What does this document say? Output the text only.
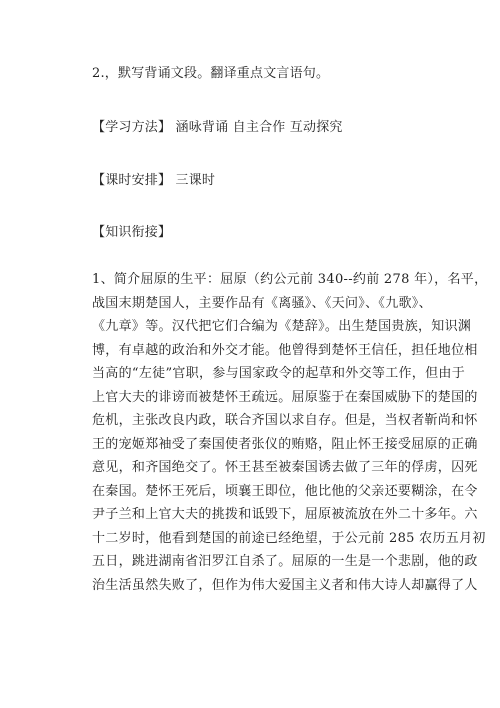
2.，默写背诵文段。翻译重点文言语句。
【学习方法】 涵咏背诵 自主合作 互动探究
【课时安排】 三课时
【知识衔接】
1、简介屈原的生平：屈原（约公元前 340--约前 278 年），名平，
战国末期楚国人，主要作品有《离骚》、《天问》、《九歌》、
《九章》等。汉代把它们合编为《楚辞》。出生楚国贵族，知识渊
博，有卓越的政治和外交才能。他曾得到楚怀王信任，担任地位相
当高的“左徒”官职，参与国家政令的起草和外交等工作，但由于
上官大夫的诽谤而被楚怀王疏远。屈原鉴于在秦国威胁下的楚国的
危机，主张改良内政，联合齐国以求自存。但是，当权者靳尚和怀
王的宠姬郑袖受了秦国使者张仪的贿赂，阻止怀王接受屈原的正确
意见，和齐国绝交了。怀王甚至被秦国诱去做了三年的俘虏，囚死
在秦国。楚怀王死后，顷襄王即位，他比他的父亲还要糊涂，在令
尹子兰和上官大夫的挑拨和诋毁下，屈原被流放在外二十多年。六
十二岁时，他看到楚国的前途已经绝望，于公元前 285 农历五月初
五日，跳进湖南省汨罗江自杀了。屈原的一生是一个悲剧，他的政
治生活虽然失败了，但作为伟大爱国主义者和伟大诗人却赢得了人
